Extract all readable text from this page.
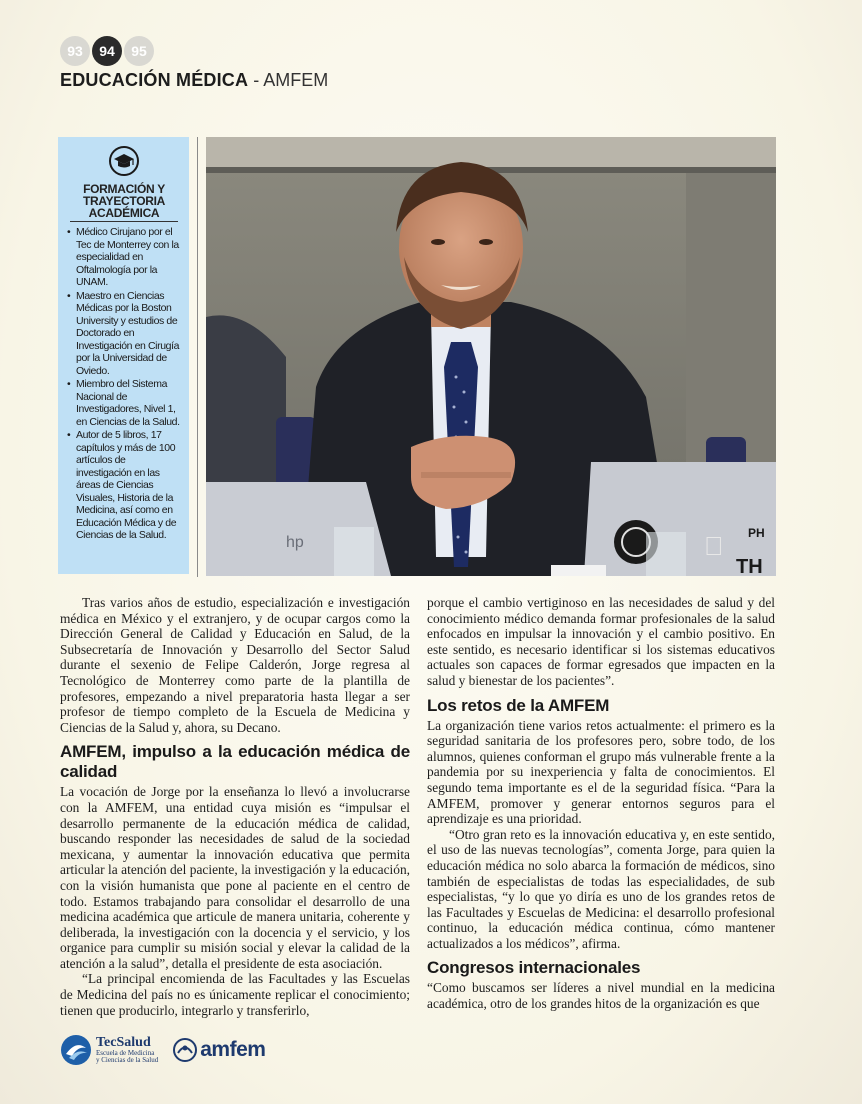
93	94	95
EDUCACIÓN MÉDICA - AMFEM
FORMACIÓN Y TRAYECTORIA ACADÉMICA
• Médico Cirujano por el Tec de Monterrey con la especialidad en Oftalmología por la UNAM.
• Maestro en Ciencias Médicas por la Boston University y estudios de Doctorado en Investigación en Cirugía por la Universidad de Oviedo.
• Miembro del Sistema Nacional de Investigadores, Nivel 1, en Ciencias de la Salud.
• Autor de 5 libros, 17 capítulos y más de 100 artículos de investigación en las áreas de Ciencias Visuales, Historia de la Medicina, así como en Educación Médica y de Ciencias de la Salud.	hp
PH
TH

Tras varios años de estudio, especialización e investigación médica en México y el extranjero, y de ocupar cargos como la Dirección General de Calidad y Educación en Salud, de la Subsecretaría de Innovación y Desarrollo del Sector Salud durante el sexenio de Felipe Calderón, Jorge regresa al Tecnológico de Monterrey como parte de la plantilla de profesores, empezando a nivel preparatoria hasta llegar a ser profesor de tiempo completo de la Escuela de Medicina y Ciencias de la Salud y, ahora, su Decano.

AMFEM, impulso a la educación médica de calidad

La vocación de Jorge por la enseñanza lo llevó a involucrarse con la AMFEM, una entidad cuya misión es “impulsar el desarrollo permanente de la educación médica de calidad, buscando responder las necesidades de salud de la sociedad mexicana, y aumentar la innovación educativa que permita articular la atención del paciente, la investigación y la educación, con la visión humanista que pone al paciente en el centro de todo. Estamos trabajando para consolidar el desarrollo de una medicina académica que articule de manera unitaria, coherente y deliberada, la investigación con la docencia y el servicio, y los organice para cumplir su misión social y elevar la calidad de la atención a la salud”, detalla el presidente de esta asociación.

“La principal encomienda de las Facultades y las Escuelas de Medicina del país no es únicamente replicar el conocimiento; tienen que producirlo, integrarlo y transferirlo,

porque el cambio vertiginoso en las necesidades de salud y del conocimiento médico demanda formar profesionales de la salud enfocados en impulsar la innovación y el cambio positivo. En este sentido, es necesario identificar si los sistemas educativos actuales son capaces de formar egresados que impacten en la salud y bienestar de los pacientes”.

Los retos de la AMFEM

La organización tiene varios retos actualmente: el primero es la seguridad sanitaria de los profesores pero, sobre todo, de los alumnos, quienes conforman el grupo más vulnerable frente a la pandemia por su inexperiencia y falta de conocimientos. El segundo tema importante es el de la seguridad física. “Para la AMFEM, promover y generar entornos seguros para el aprendizaje es una prioridad.

“Otro gran reto es la innovación educativa y, en este sentido, el uso de las nuevas tecnologías”, comenta Jorge, para quien la educación médica no solo abarca la formación de médicos, sino también de especialistas de todas las especialidades, de sub especialistas, “y lo que yo diría es uno de los grandes retos de las Facultades y Escuelas de Medicina: el desarrollo profesional continuo, la educación médica continua, cómo mantener actualizados a los médicos”, afirma.

Congresos internacionales

“Como buscamos ser líderes a nivel mundial en la medicina académica, otro de los grandes hitos de la organización es que

TecSalud
Escuela de Medicina
y Ciencias de la Salud amfem
